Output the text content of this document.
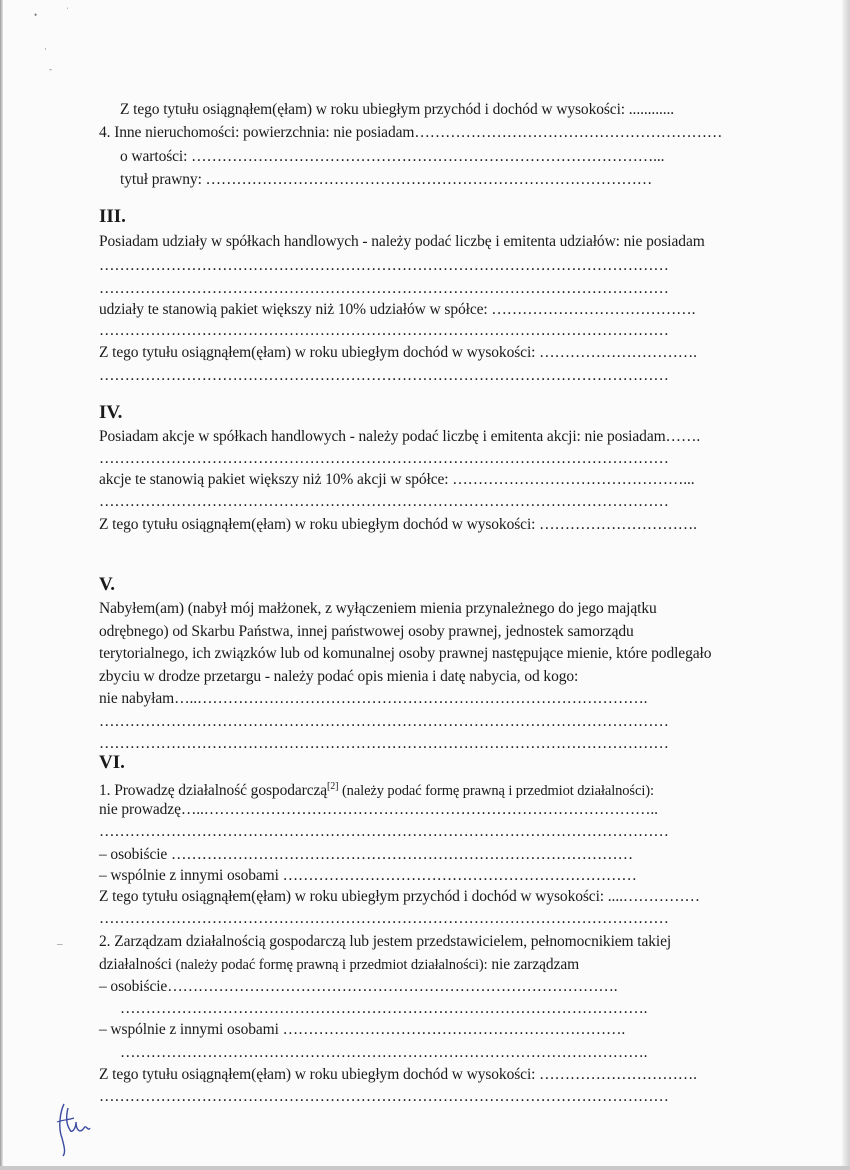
•	ˈ
·
-
Z tego tytułu osiągnąłem(ęłam) w roku ubiegłym przychód i dochód w wysokości: ............
4. Inne nieruchomości: powierzchnia: nie posiadam……………………………………………………
o wartości: ………………………………………………………………………………...
tytuł prawny: ……………………………………………………………………………
III.
Posiadam udziały w spółkach handlowych - należy podać liczbę i emitenta udziałów: nie posiadam
…………………………………………………………………………………………………
…………………………………………………………………………………………………
udziały te stanowią pakiet większy niż 10% udziałów w spółce: ………………………………….
…………………………………………………………………………………………………
Z tego tytułu osiągnąłem(ęłam) w roku ubiegłym dochód w wysokości: ………………………….
…………………………………………………………………………………………………
IV.
Posiadam akcje w spółkach handlowych - należy podać liczbę i emitenta akcji: nie posiadam…….
…………………………………………………………………………………………………
akcje te stanowią pakiet większy niż 10% akcji w spółce: ………………………………………...
…………………………………………………………………………………………………
Z tego tytułu osiągnąłem(ęłam) w roku ubiegłym dochód w wysokości: ………………………….
V.
Nabyłem(am) (nabył mój małżonek, z wyłączeniem mienia przynależnego do jego majątku
odrębnego) od Skarbu Państwa, innej państwowej osoby prawnej, jednostek samorządu
terytorialnego, ich związków lub od komunalnej osoby prawnej następujące mienie, które podlegało
zbyciu w drodze przetargu - należy podać opis mienia i datę nabycia, od kogo:
nie nabyłam…..…………………………………………………………………………….
…………………………………………………………………………………………………
…………………………………………………………………………………………………
VI.
1. Prowadzę działalność gospodarczą[2] (należy podać formę prawną i przedmiot działalności):
nie prowadzę…..……………………………………………………………………………..
…………………………………………………………………………………………………
– osobiście ………………………………………………………………………………
– wspólnie z innymi osobami ……………………………………………………………
Z tego tytułu osiągnąłem(ęłam) w roku ubiegłym przychód i dochód w wysokości: ....……………
…………………………………………………………………………………………………
2. Zarządzam działalnością gospodarczą lub jestem przedstawicielem, pełnomocnikiem takiej
działalności (należy podać formę prawną i przedmiot działalności): nie zarządzam
– osobiście…………………………………………………………………………….
………………………………………………………………………………………….
– wspólnie z innymi osobami ………………………………………………………….
………………………………………………………………………………………….
Z tego tytułu osiągnąłem(ęłam) w roku ubiegłym dochód w wysokości: ………………………….
…………………………………………………………………………………………………
–
